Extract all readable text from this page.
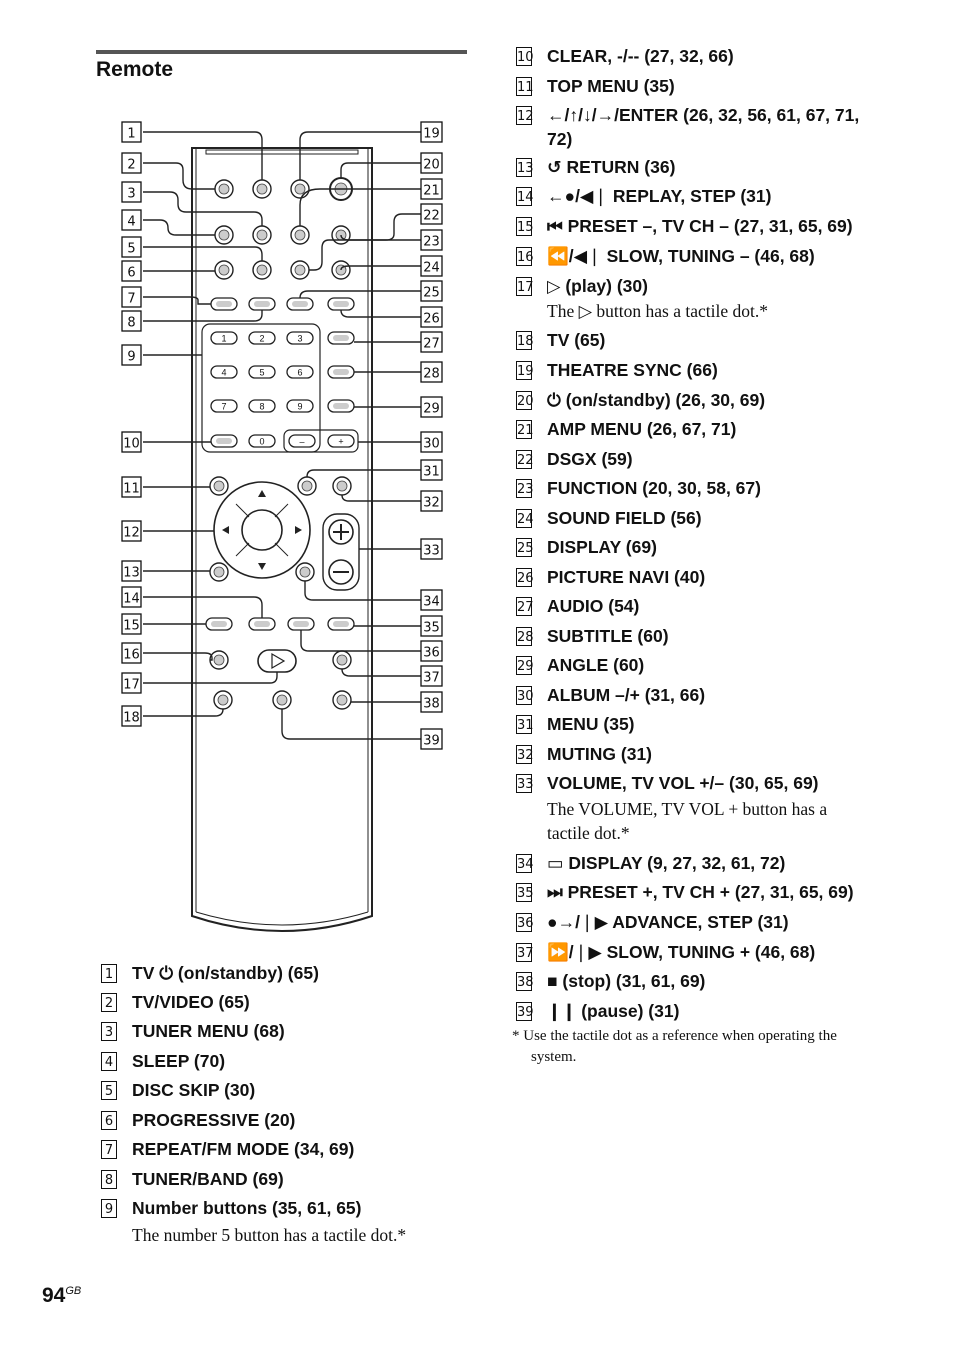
Remote
1	2	3
4	5	6
7	8	9
0	–	+
1
2
3
4
5
6
7
8
9
10
11
12
13
14
15
16
17
18
19
20
21
22
23
24
25
26
27
28
29
30
31
32
33
34
35
36
37
38
39
1 TV ⏻ (on/standby) (65)
2 TV/VIDEO (65)
3 TUNER MENU (68)
4 SLEEP (70)
5 DISC SKIP (30)
6 PROGRESSIVE (20)
7 REPEAT/FM MODE (34, 69)
8 TUNER/BAND (69)
9 Number buttons (35, 61, 65)
The number 5 button has a tactile dot.*
10 CLEAR, -/-- (27, 32, 66)
11 TOP MENU (35)
12 ←/↑/↓/→/ENTER (26, 32, 56, 61, 67, 71,
72)
13 ↺ RETURN (36)
14 ←●/◀❘ REPLAY, STEP (31)
15 ⏮ PRESET –, TV CH – (27, 31, 65, 69)
16 ⏪/◀❘ SLOW, TUNING – (46, 68)
17 ▷ (play) (30)
18 TV (65)
19 THEATRE SYNC (66)
20 ⏻ (on/standby) (26, 30, 69)
21 AMP MENU (26, 67, 71)
22 DSGX (59)
23 FUNCTION (20, 30, 58, 67)
24 SOUND FIELD (56)
25 DISPLAY (69)
26 PICTURE NAVI (40)
27 AUDIO (54)
28 SUBTITLE (60)
29 ANGLE (60)
30 ALBUM –/+ (31, 66)
31 MENU (35)
32 MUTING (31)
33 VOLUME, TV VOL +/– (30, 65, 69)
34 ▭ DISPLAY (9, 27, 32, 61, 72)
35 ⏭ PRESET +, TV CH + (27, 31, 65, 69)
36 ●→/❘▶ ADVANCE, STEP (31)
37 ⏩/❘▶ SLOW, TUNING + (46, 68)
38 ■ (stop) (31, 61, 69)
39 ❙❙ (pause) (31)
The ▷ button has a tactile dot.*
The VOLUME, TV VOL + button has a
tactile dot.*
* Use the tactile dot as a reference when operating the
system.
$94^{GB}$
